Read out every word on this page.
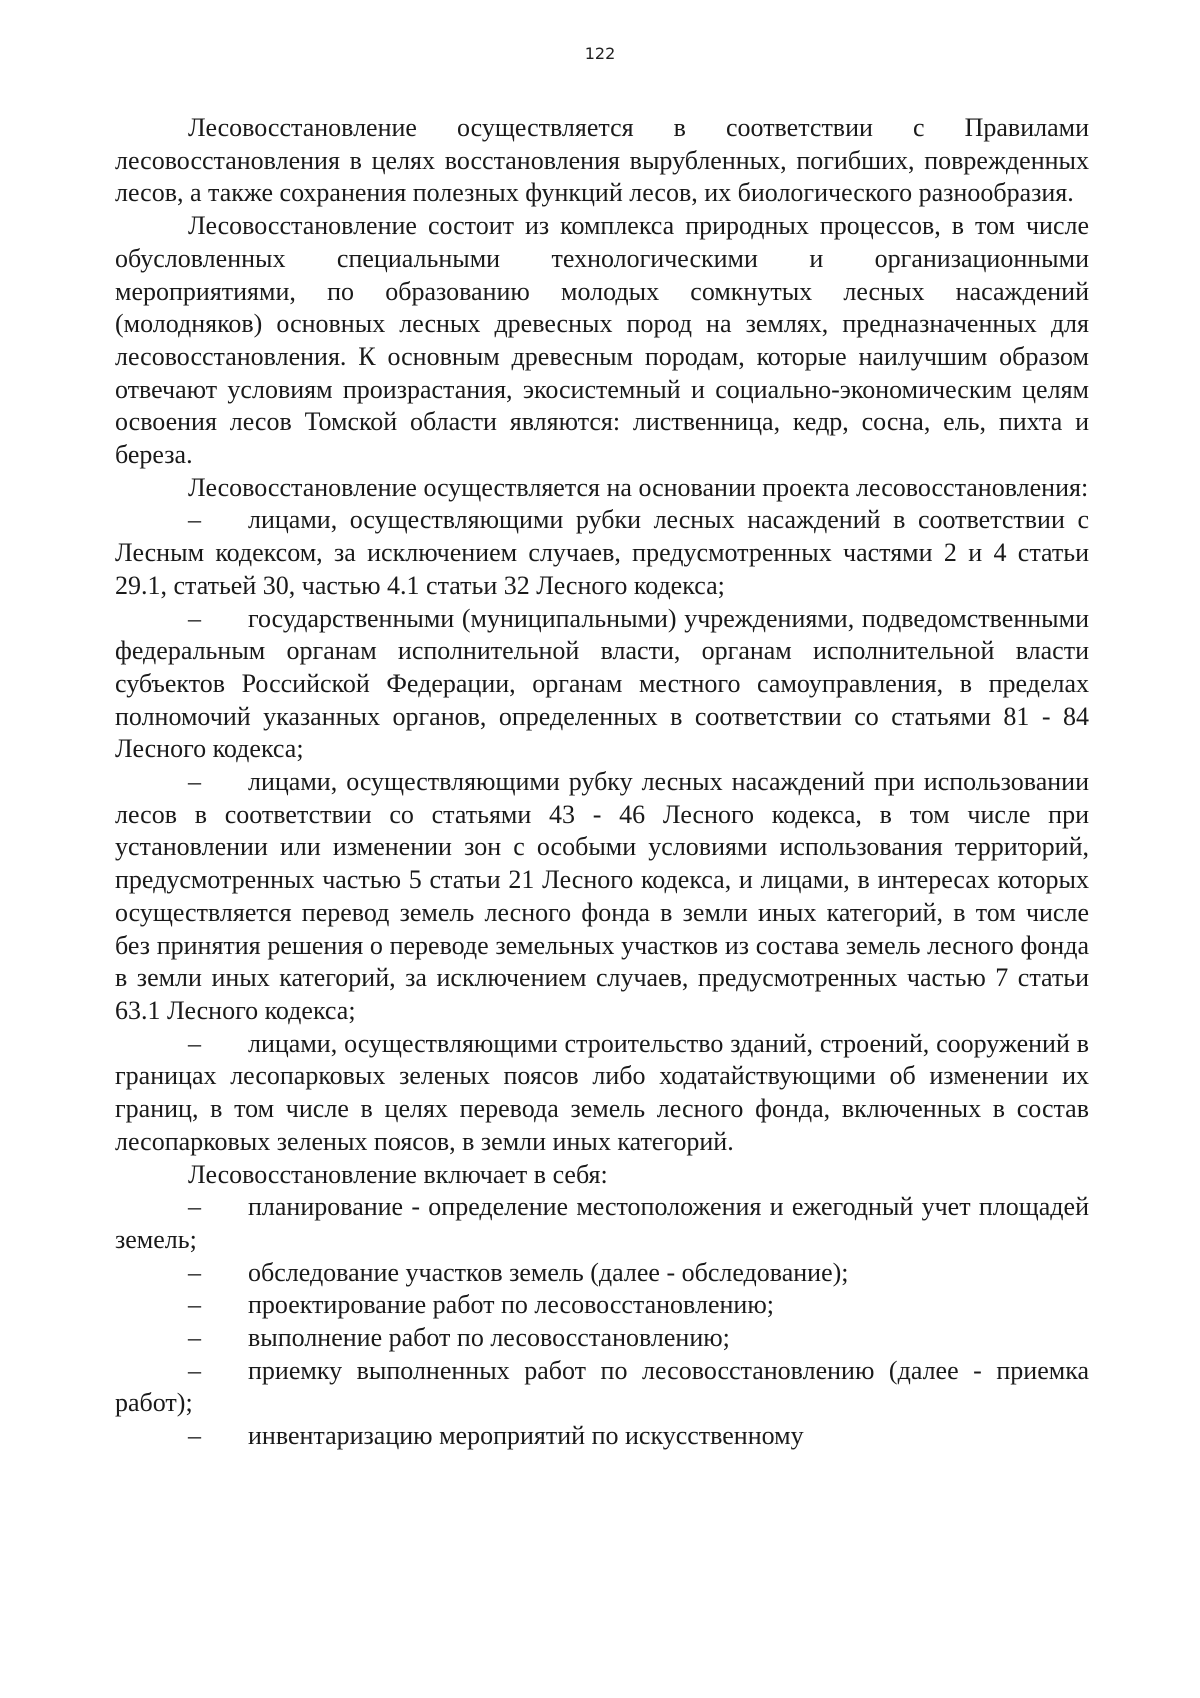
122

Лесовосстановление осуществляется в соответствии с Правилами лесовосстановления в целях восстановления вырубленных, погибших, поврежденных лесов, а также сохранения полезных функций лесов, их биологического разнообразия.

Лесовосстановление состоит из комплекса природных процессов, в том числе обусловленных специальными технологическими и организационными мероприятиями, по образованию молодых сомкнутых лесных насаждений (молодняков) основных лесных древесных пород на землях, предназначенных для лесовосстановления. К основным древесным породам, которые наилучшим образом отвечают условиям произрастания, экосистемный и социально-экономическим целям освоения лесов Томской области являются: лиственница, кедр, сосна, ель, пихта и береза.

Лесовосстановление осуществляется на основании проекта лесовосстановления:

– лицами, осуществляющими рубки лесных насаждений в соответствии с Лесным кодексом, за исключением случаев, предусмотренных частями 2 и 4 статьи 29.1, статьей 30, частью 4.1 статьи 32 Лесного кодекса;

– государственными (муниципальными) учреждениями, подведомственными федеральным органам исполнительной власти, органам исполнительной власти субъектов Российской Федерации, органам местного самоуправления, в пределах полномочий указанных органов, определенных в соответствии со статьями 81 - 84 Лесного кодекса;

– лицами, осуществляющими рубку лесных насаждений при использовании лесов в соответствии со статьями 43 - 46 Лесного кодекса, в том числе при установлении или изменении зон с особыми условиями использования территорий, предусмотренных частью 5 статьи 21 Лесного кодекса, и лицами, в интересах которых осуществляется перевод земель лесного фонда в земли иных категорий, в том числе без принятия решения о переводе земельных участков из состава земель лесного фонда в земли иных категорий, за исключением случаев, предусмотренных частью 7 статьи 63.1 Лесного кодекса;

– лицами, осуществляющими строительство зданий, строений, сооружений в границах лесопарковых зеленых поясов либо ходатайствующими об изменении их границ, в том числе в целях перевода земель лесного фонда, включенных в состав лесопарковых зеленых поясов, в земли иных категорий.

Лесовосстановление включает в себя:

– планирование - определение местоположения и ежегодный учет площадей земель;

– обследование участков земель (далее - обследование);

– проектирование работ по лесовосстановлению;

– выполнение работ по лесовосстановлению;

– приемку выполненных работ по лесовосстановлению (далее - приемка работ);

– инвентаризацию мероприятий по искусственному
